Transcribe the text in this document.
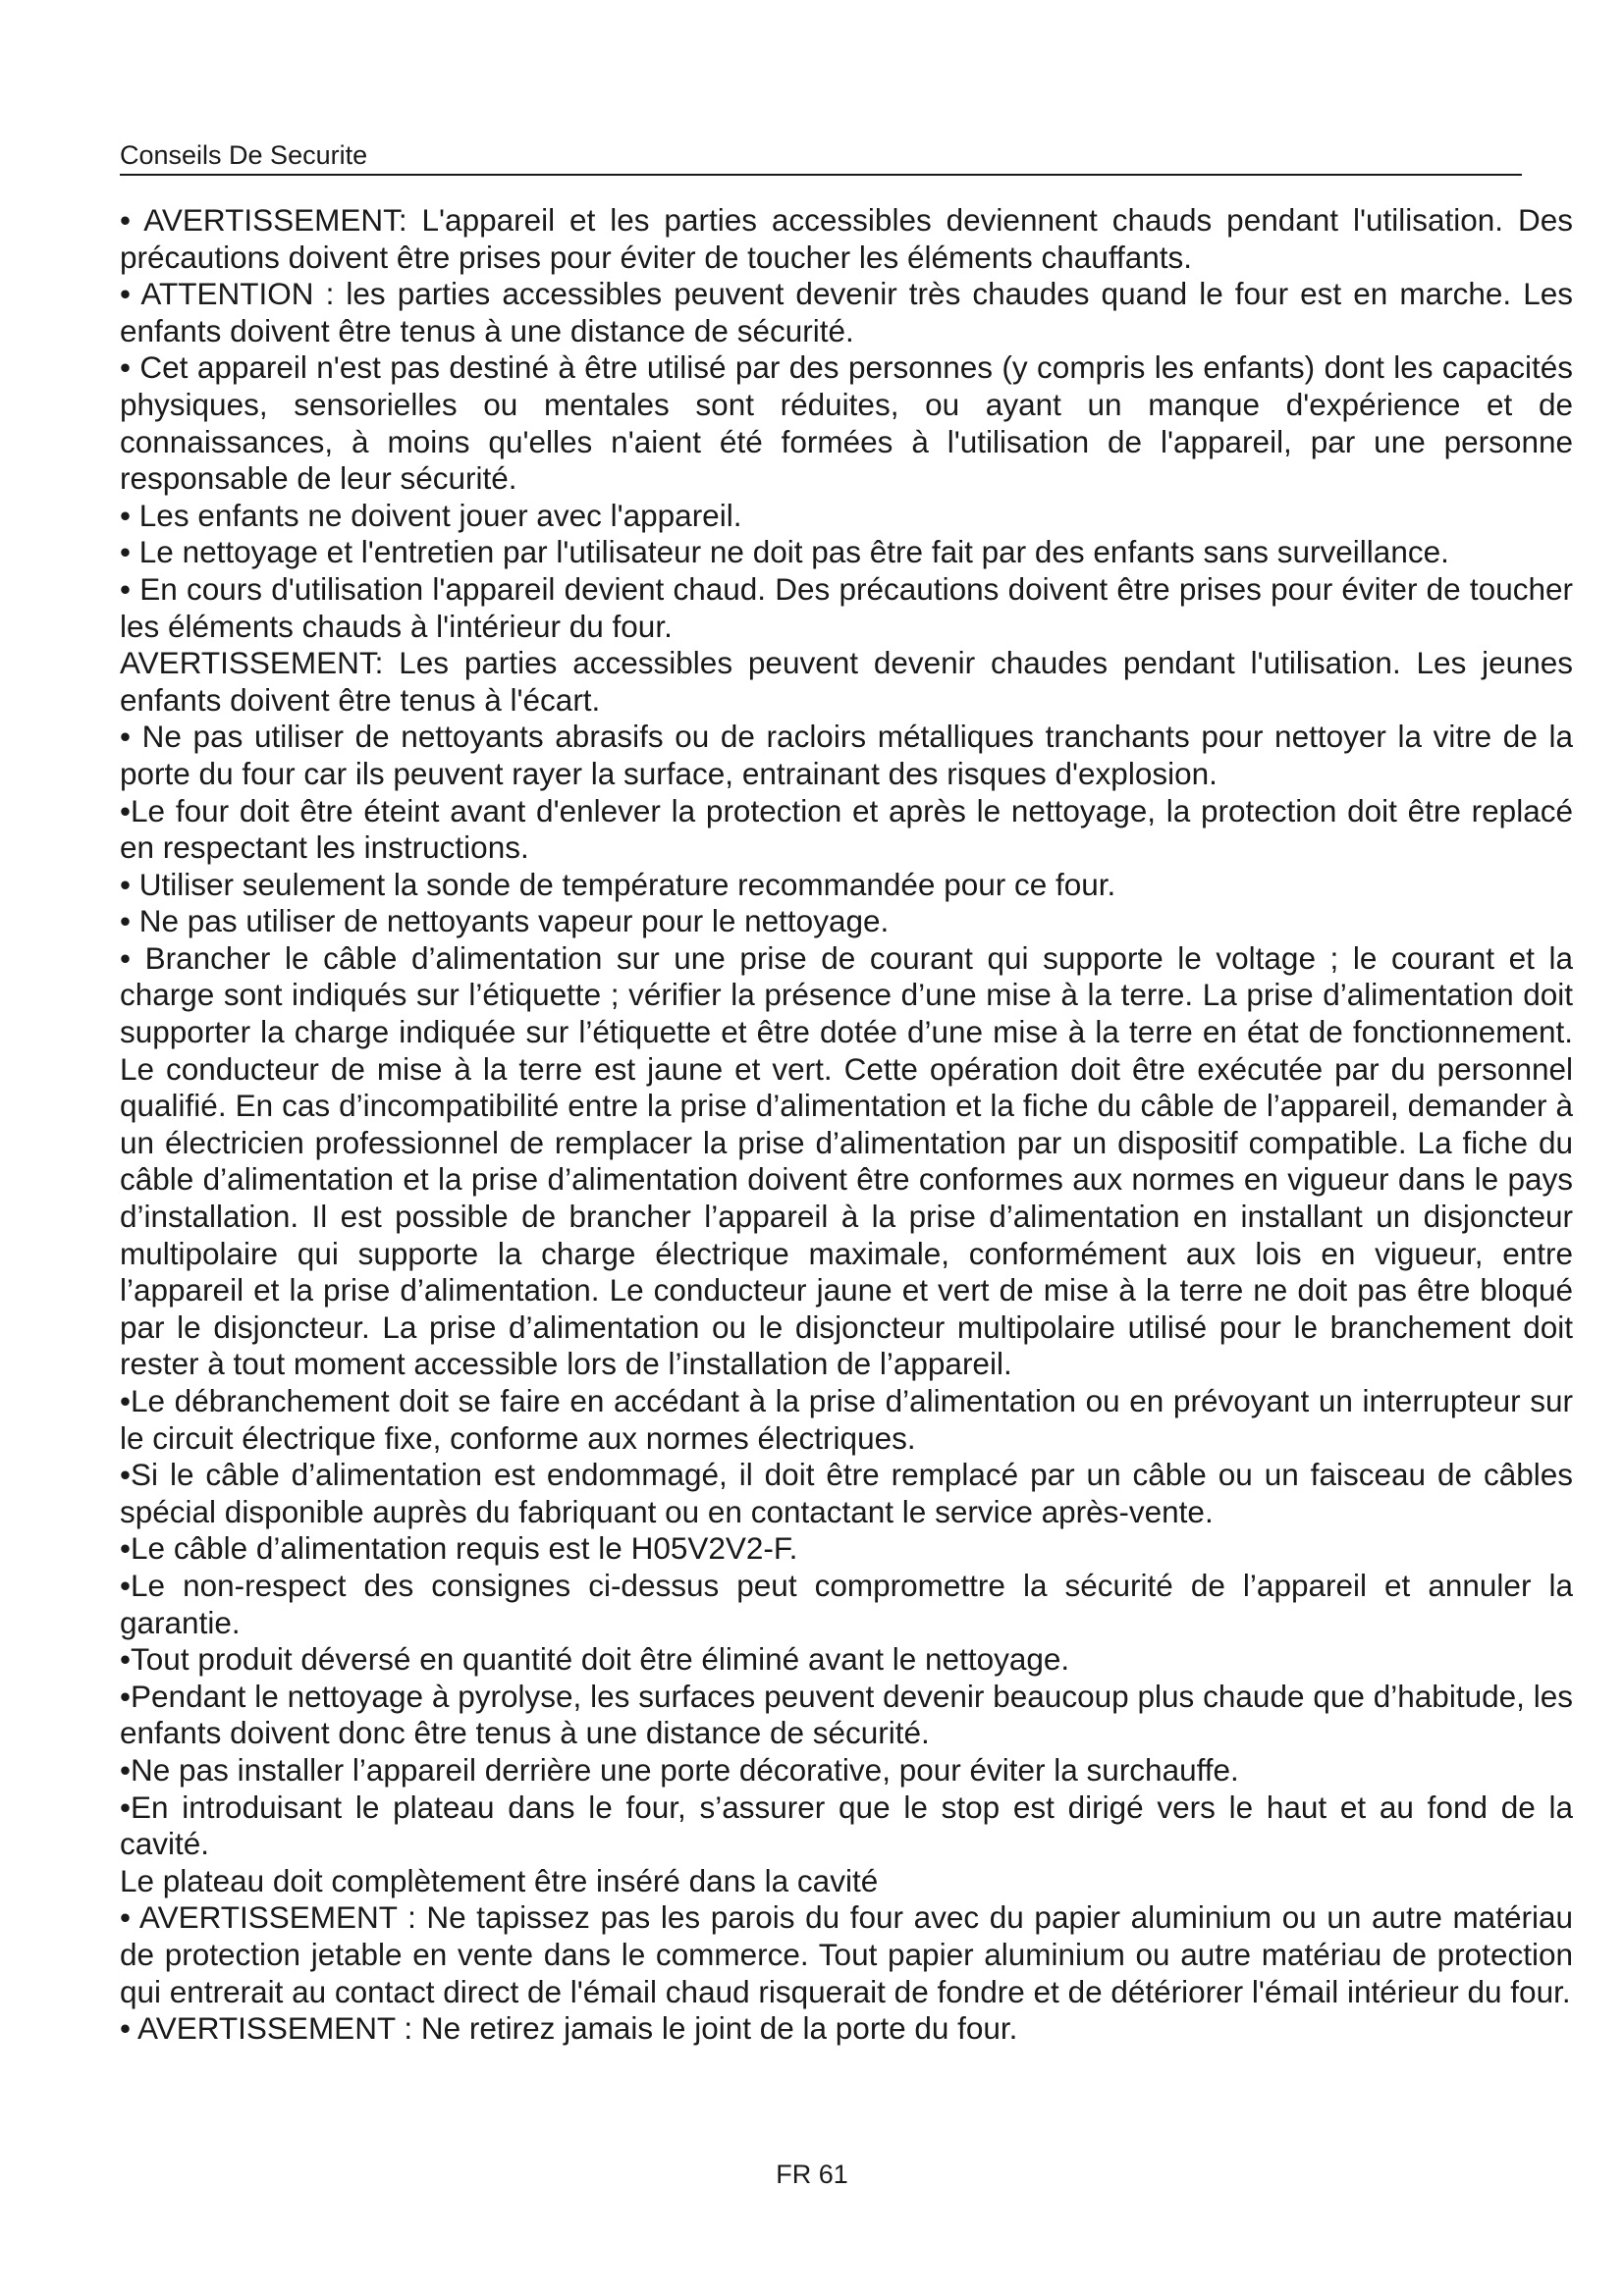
Conseils De Securite

• AVERTISSEMENT: L'appareil et les parties accessibles deviennent chauds pendant l'utilisation. Des précautions doivent être prises pour éviter de toucher les éléments chauffants.

• ATTENTION : les parties accessibles peuvent devenir très chaudes quand le four est en marche. Les enfants doivent être tenus à une distance de sécurité.

• Cet appareil n'est pas destiné à être utilisé par des personnes (y compris les enfants) dont les capacités physiques, sensorielles ou mentales sont réduites, ou ayant un manque d'expérience et de connaissances, à moins qu'elles n'aient été formées à l'utilisation de l'appareil, par une personne responsable de leur sécurité.

• Les enfants ne doivent jouer avec l'appareil.

• Le nettoyage et l'entretien par l'utilisateur ne doit pas être fait par des enfants sans surveillance.

• En cours d'utilisation l'appareil devient chaud. Des précautions doivent être prises pour éviter de toucher les éléments chauds à l'intérieur du four.

AVERTISSEMENT: Les parties accessibles peuvent devenir chaudes pendant l'utilisation. Les jeunes enfants doivent être tenus à l'écart.

• Ne pas utiliser de nettoyants abrasifs ou de racloirs métalliques tranchants pour nettoyer la vitre de la porte du four car ils peuvent rayer la surface, entrainant des risques d'explosion.

•Le four doit être éteint avant d'enlever la protection et après le nettoyage, la protection doit être replacé en respectant les instructions.

• Utiliser seulement la sonde de température recommandée pour ce four.

• Ne pas utiliser de nettoyants vapeur pour le nettoyage.

• Brancher le câble d’alimentation sur une prise de courant qui supporte le voltage ; le courant et la charge sont indiqués sur l’étiquette ; vérifier la présence d’une mise à la terre. La prise d’alimentation doit supporter la charge indiquée sur l’étiquette et être dotée d’une mise à la terre en état de fonctionnement. Le conducteur de mise à la terre est jaune et vert. Cette opération doit être exécutée par du personnel qualifié. En cas d’incompatibilité entre la prise d’alimentation et la fiche du câble de l’appareil, demander à un électricien professionnel de remplacer la prise d’alimentation par un dispositif compatible. La fiche du câble d’alimentation et la prise d’alimentation doivent être conformes aux normes en vigueur dans le pays d’installation. Il est possible de brancher l’appareil à la prise d’alimentation en installant un disjoncteur multipolaire qui supporte la charge électrique maximale, conformément aux lois en vigueur, entre l’appareil et la prise d’alimentation. Le conducteur jaune et vert de mise à la terre ne doit pas être bloqué par le disjoncteur. La prise d’alimentation ou le disjoncteur multipolaire utilisé pour le branchement doit rester à tout moment accessible lors de l’installation de l’appareil.

•Le débranchement doit se faire en accédant à la prise d’alimentation ou en prévoyant un interrupteur sur le circuit électrique fixe, conforme aux normes électriques.

•Si le câble d’alimentation est endommagé, il doit être remplacé par un câble ou un faisceau de câbles spécial disponible auprès du fabriquant ou en contactant le service après-vente.

•Le câble d’alimentation requis est le H05V2V2-F.

•Le non-respect des consignes ci-dessus peut compromettre la sécurité de l’appareil et annuler la garantie.

•Tout produit déversé en quantité doit être éliminé avant le nettoyage.

•Pendant le nettoyage à pyrolyse, les surfaces peuvent devenir beaucoup plus chaude que d’habitude, les enfants doivent donc être tenus à une distance de sécurité.

•Ne pas installer l’appareil derrière une porte décorative, pour éviter la surchauffe.

•En introduisant le plateau dans le four, s’assurer que le stop est dirigé vers le haut et au fond de la cavité.

Le plateau doit complètement être inséré dans la cavité

• AVERTISSEMENT : Ne tapissez pas les parois du four avec du papier aluminium ou un autre matériau de protection jetable en vente dans le commerce. Tout papier aluminium ou autre matériau de protection qui entrerait au contact direct de l'émail chaud risquerait de fondre et de détériorer l'émail intérieur du four.

• AVERTISSEMENT : Ne retirez jamais le joint de la porte du four.

FR 61
